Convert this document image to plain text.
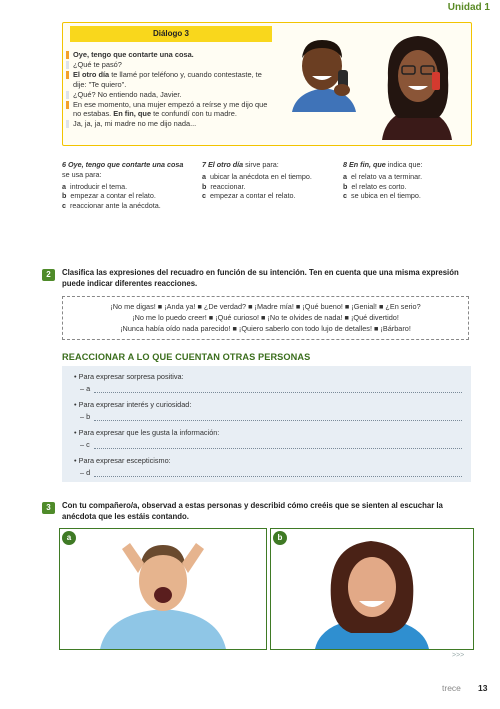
Unidad 1
Diálogo 3

Oye, tengo que contarte una cosa.

¿Qué te pasó?

El otro día te llamé por teléfono y, cuando contestaste, te dije: "Te quiero".

¿Qué? No entiendo nada, Javier.

En ese momento, una mujer empezó a reírse y me dijo que no estabas. En fin, que te confundí con tu madre.

Ja, ja, ja, mi madre no me dijo nada...

6 Oye, tengo que contarte una cosa se usa para:

a introducir el tema.

b empezar a contar el relato.

c reaccionar ante la anécdota.

7 El otro día sirve para:

a ubicar la anécdota en el tiempo.

b reaccionar.

c empezar a contar el relato.

8 En fin, que indica que:

a el relato va a terminar.

b el relato es corto.

c se ubica en el tiempo.

2	Clasifica las expresiones del recuadro en función de su intención. Ten en cuenta que una misma expresión puede indicar diferentes reacciones.
¡No me digas! ■ ¡Anda ya! ■ ¿De verdad? ■ ¡Madre mía! ■ ¡Qué bueno! ■ ¡Genial! ■ ¿En serio?
¡No me lo puedo creer! ■ ¡Qué curioso! ■ ¡No te olvides de nada! ■ ¡Qué divertido!
¡Nunca había oído nada parecido! ■ ¡Quiero saberlo con todo lujo de detalles! ■ ¡Bárbaro!
REACCIONAR A LO QUE CUENTAN OTRAS PERSONAS
• Para expresar sorpresa positiva:
– a
• Para expresar interés y curiosidad:
– b
• Para expresar que les gusta la información:
– c
• Para expresar escepticismo:
– d
3	Con tu compañero/a, observad a estas personas y describid cómo creéis que se sienten al escuchar la anécdota que les estáis contando.
a	b
>>>
trece 13
